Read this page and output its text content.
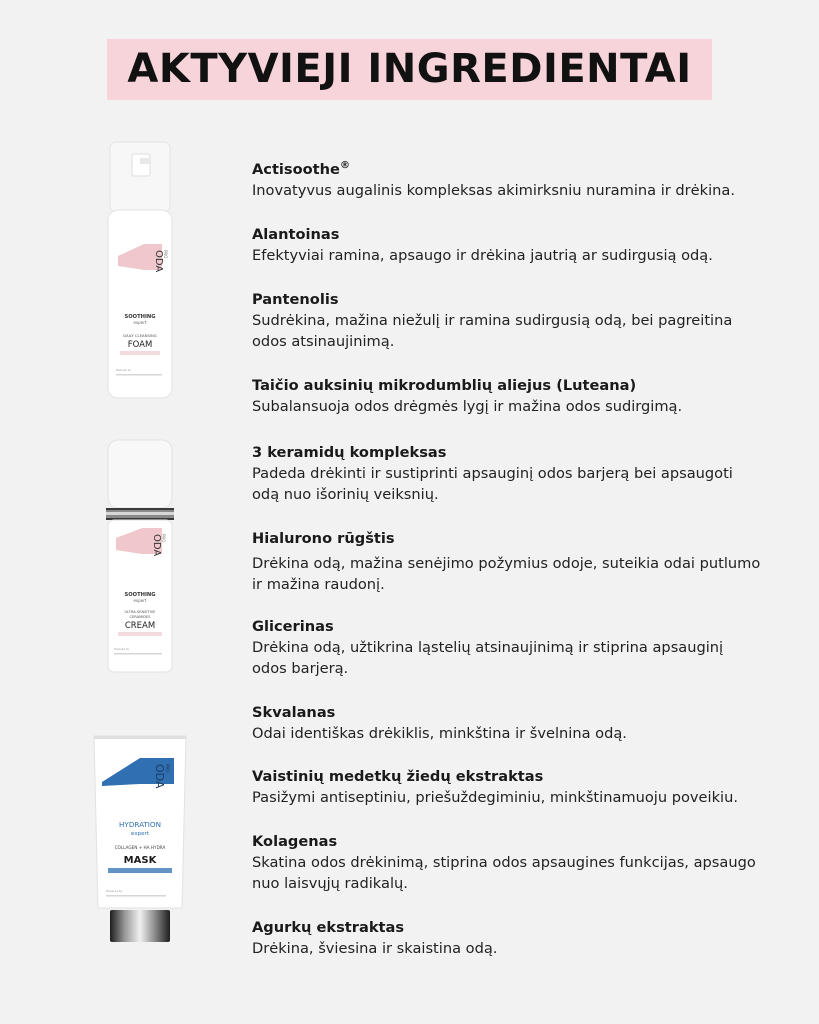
AKTYVIEJI INGREDIENTAI

Actisoothe®

Inovatyvus augalinis kompleksas akimirksniu nuramina ir drėkina.

Alantoinas

Efektyviai ramina, apsaugo ir drėkina jautrią ar sudirgusią odą.

Pantenolis

Sudrėkina, mažina niežulį ir ramina sudirgusią odą, bei pagreitina odos atsinaujinimą.

Taičio auksinių mikrodumblių aliejus (Luteana)

Subalansuoja odos drėgmės lygį ir mažina odos sudirgimą.

3 keramidų kompleksas

Padeda drėkinti ir sustiprinti apsauginį odos barjerą bei apsaugoti odą nuo išorinių veiksnių.

Hialurono rūgštis

Drėkina odą, mažina senėjimo požymius odoje, suteikia odai putlumo ir mažina raudonį.

Glicerinas

Drėkina odą, užtikrina ląstelių atsinaujinimą ir stiprina apsauginį odos barjerą.

Skvalanas

Odai identiškas drėkiklis, minkština ir švelnina odą.

Vaistinių medetkų žiedų ekstraktas

Pasižymi antiseptiniu, priešuždegiminiu, minkštinamuoju poveikiu.

Kolagenas

Skatina odos drėkinimą, stiprina odos apsaugines funkcijas, apsaugo nuo laisvųjų radikalų.

Agurkų ekstraktas

Drėkina, šviesina ir skaistina odą.

ODA PRO
SOOTHING
expert
DAILY CLEANSING
FOAM
Powered by
ODA PRO
SOOTHING
expert
ULTRA-SENSITIVE
CERAMIDES
CREAM
Powered by
ODA PRO
HYDRATION
expert
COLLAGEN + HA HYDRA
MASK
Powered by
